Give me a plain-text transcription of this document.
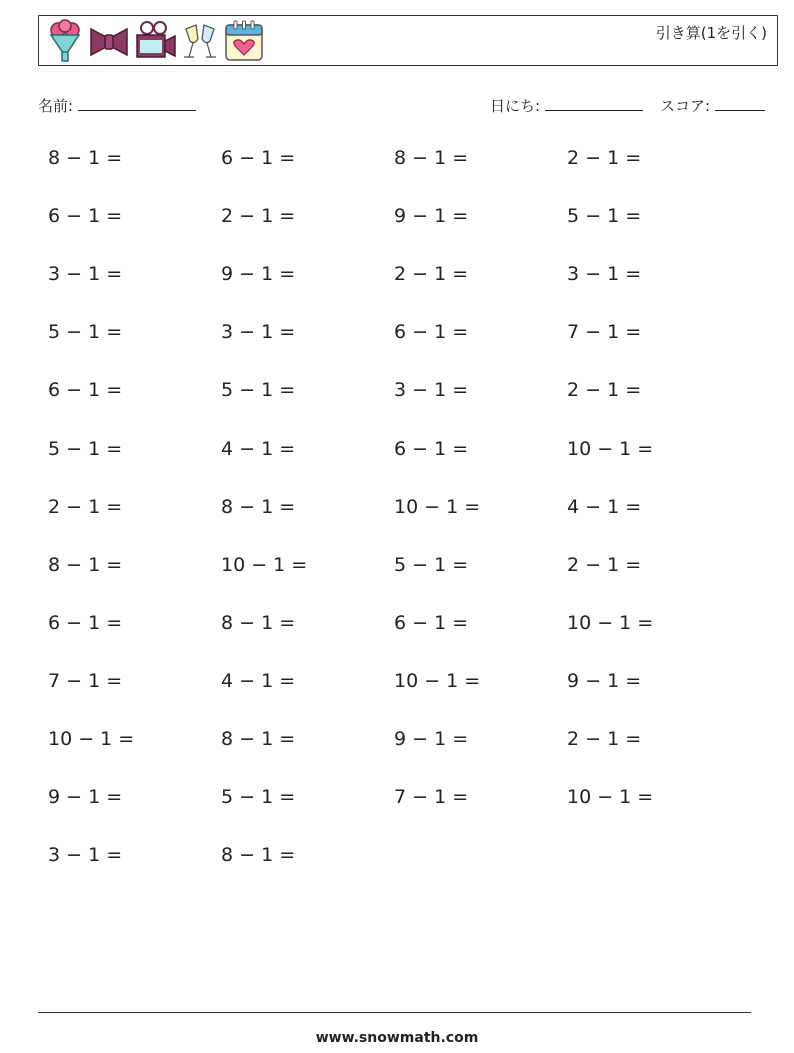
引き算(1を引く)
名前:	日にち:	スコア:
8 − 1 =	6 − 1 =	8 − 1 =	2 − 1 =
6 − 1 =	2 − 1 =	9 − 1 =	5 − 1 =
3 − 1 =	9 − 1 =	2 − 1 =	3 − 1 =
5 − 1 =	3 − 1 =	6 − 1 =	7 − 1 =
6 − 1 =	5 − 1 =	3 − 1 =	2 − 1 =
5 − 1 =	4 − 1 =	6 − 1 =	10 − 1 =
2 − 1 =	8 − 1 =	10 − 1 =	4 − 1 =
8 − 1 =	10 − 1 =	5 − 1 =	2 − 1 =
6 − 1 =	8 − 1 =	6 − 1 =	10 − 1 =
7 − 1 =	4 − 1 =	10 − 1 =	9 − 1 =
10 − 1 =	8 − 1 =	9 − 1 =	2 − 1 =
9 − 1 =	5 − 1 =	7 − 1 =	10 − 1 =
3 − 1 =	8 − 1 =
www.snowmath.com
